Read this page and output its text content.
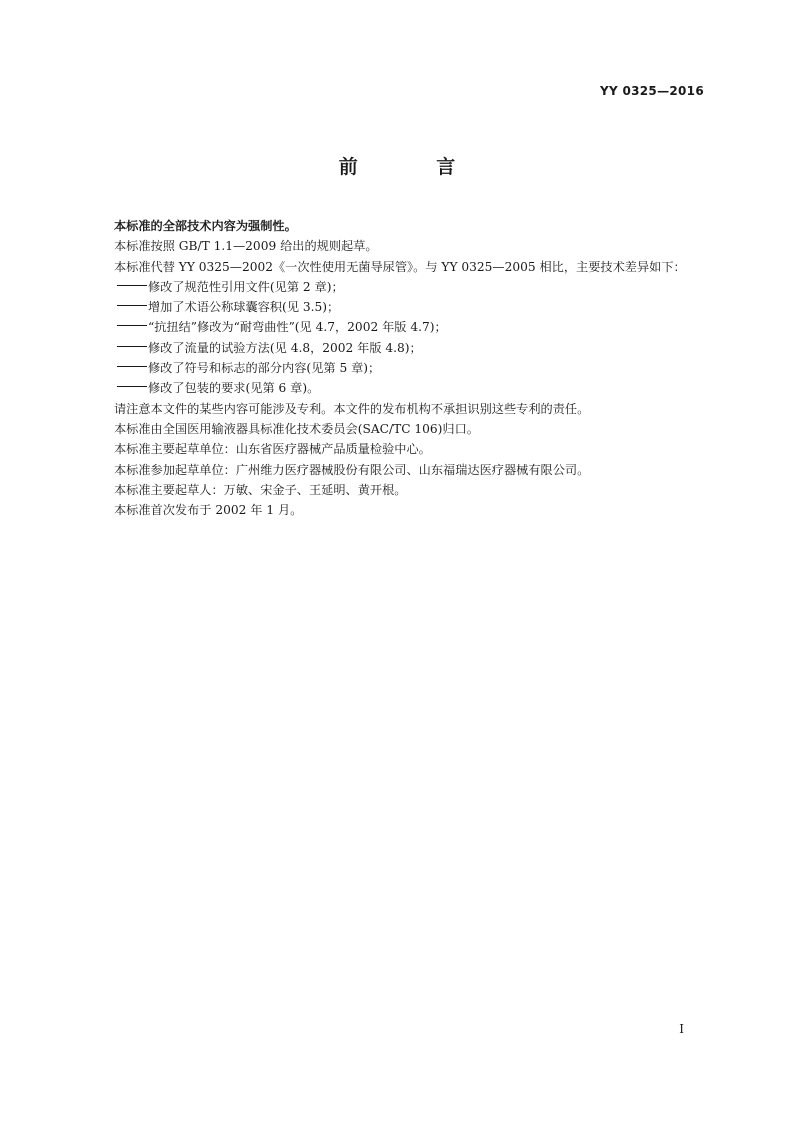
YY 0325—2016
前 言

本标准的全部技术内容为强制性。

本标准按照 GB/T 1.1—2009 给出的规则起草。

本标准代替 YY 0325—2002《一次性使用无菌导尿管》。与 YY 0325—2005 相比，主要技术差异如下：

修改了规范性引用文件(见第 2 章)；

增加了术语公称球囊容积(见 3.5)；

“抗扭结”修改为“耐弯曲性”(见 4.7，2002 年版 4.7)；

修改了流量的试验方法(见 4.8，2002 年版 4.8)；

修改了符号和标志的部分内容(见第 5 章)；

修改了包装的要求(见第 6 章)。

请注意本文件的某些内容可能涉及专利。本文件的发布机构不承担识别这些专利的责任。

本标准由全国医用输液器具标准化技术委员会(SAC/TC 106)归口。

本标准主要起草单位：山东省医疗器械产品质量检验中心。

本标准参加起草单位：广州维力医疗器械股份有限公司、山东福瑞达医疗器械有限公司。

本标准主要起草人：万敏、宋金子、王延明、黄开根。

本标准首次发布于 2002 年 1 月。

I
